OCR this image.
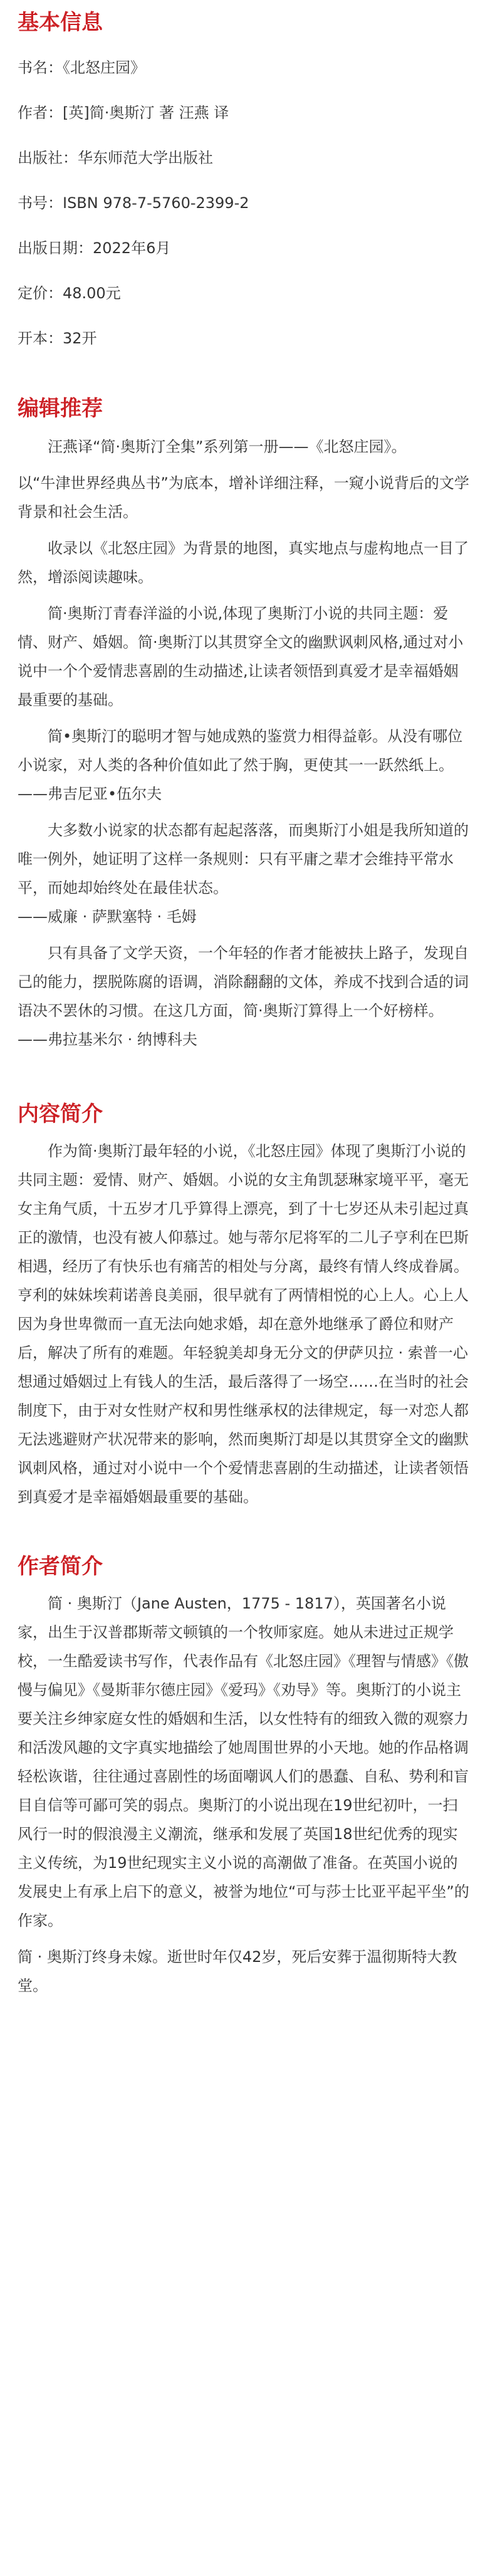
基本信息

书名：《北怒庄园》

作者：[英]简·奥斯汀 著 汪燕 译

出版社：华东师范大学出版社

书号：ISBN 978-7-5760-2399-2

出版日期：2022年6月

定价：48.00元

开本：32开

编辑推荐

汪燕译“简·奥斯汀全集”系列第一册——《北怒庄园》。

以“牛津世界经典丛书”为底本，增补详细注释，一窥小说背后的文学背景和社会生活。

收录以《北怒庄园》为背景的地图，真实地点与虚构地点一目了然，增添阅读趣味。

简·奥斯汀青春洋溢的小说,体现了奥斯汀小说的共同主题：爱情、财产、婚姻。简·奥斯汀以其贯穿全文的幽默讽刺风格,通过对小说中一个个爱情悲喜剧的生动描述,让读者领悟到真爱才是幸福婚姻最重要的基础。

简•奥斯汀的聪明才智与她成熟的鉴赏力相得益彰。从没有哪位小说家，对人类的各种价值如此了然于胸，更使其一一跃然纸上。

——弗吉尼亚•伍尔夫

大多数小说家的状态都有起起落落，而奥斯汀小姐是我所知道的唯一例外，她证明了这样一条规则：只有平庸之辈才会维持平常水平，而她却始终处在最佳状态。

——威廉 · 萨默塞特 · 毛姆

只有具备了文学天资，一个年轻的作者才能被扶上路子，发现自己的能力，摆脱陈腐的语调，消除翻翻的文体，养成不找到合适的词语决不罢休的习惯。在这几方面，简·奥斯汀算得上一个好榜样。

——弗拉基米尔 · 纳博科夫

内容简介

作为简·奥斯汀最年轻的小说，《北怒庄园》体现了奥斯汀小说的共同主题：爱情、财产、婚姻。小说的女主角凯瑟琳家境平平，毫无女主角气质，十五岁才几乎算得上漂亮，到了十七岁还从未引起过真正的激情，也没有被人仰慕过。她与蒂尔尼将军的二儿子亨利在巴斯相遇，经历了有快乐也有痛苦的相处与分离，最终有情人终成眷属。亨利的妹妹埃莉诺善良美丽，很早就有了两情相悦的心上人。心上人因为身世卑微而一直无法向她求婚，却在意外地继承了爵位和财产后，解决了所有的难题。年轻貌美却身无分文的伊萨贝拉 · 索普一心想通过婚姻过上有钱人的生活，最后落得了一场空……在当时的社会制度下，由于对女性财产权和男性继承权的法律规定，每一对恋人都无法逃避财产状况带来的影响，然而奥斯汀却是以其贯穿全文的幽默讽刺风格，通过对小说中一个个爱情悲喜剧的生动描述，让读者领悟到真爱才是幸福婚姻最重要的基础。

作者简介

简 · 奥斯汀（Jane Austen，1775 - 1817），英国著名小说家，出生于汉普郡斯蒂文顿镇的一个牧师家庭。她从未进过正规学校，一生酷爱读书写作，代表作品有《北怒庄园》《理智与情感》《傲慢与偏见》《曼斯菲尔德庄园》《爱玛》《劝导》等。奥斯汀的小说主要关注乡绅家庭女性的婚姻和生活，以女性特有的细致入微的观察力和活泼风趣的文字真实地描绘了她周围世界的小天地。她的作品格调轻松诙谐，往往通过喜剧性的场面嘲讽人们的愚蠢、自私、势利和盲目自信等可鄙可笑的弱点。奥斯汀的小说出现在19世纪初叶，一扫风行一时的假浪漫主义潮流，继承和发展了英国18世纪优秀的现实主义传统，为19世纪现实主义小说的高潮做了准备。在英国小说的发展史上有承上启下的意义，被誉为地位“可与莎士比亚平起平坐”的作家。

简 · 奥斯汀终身未嫁。逝世时年仅42岁，死后安葬于温彻斯特大教堂。
